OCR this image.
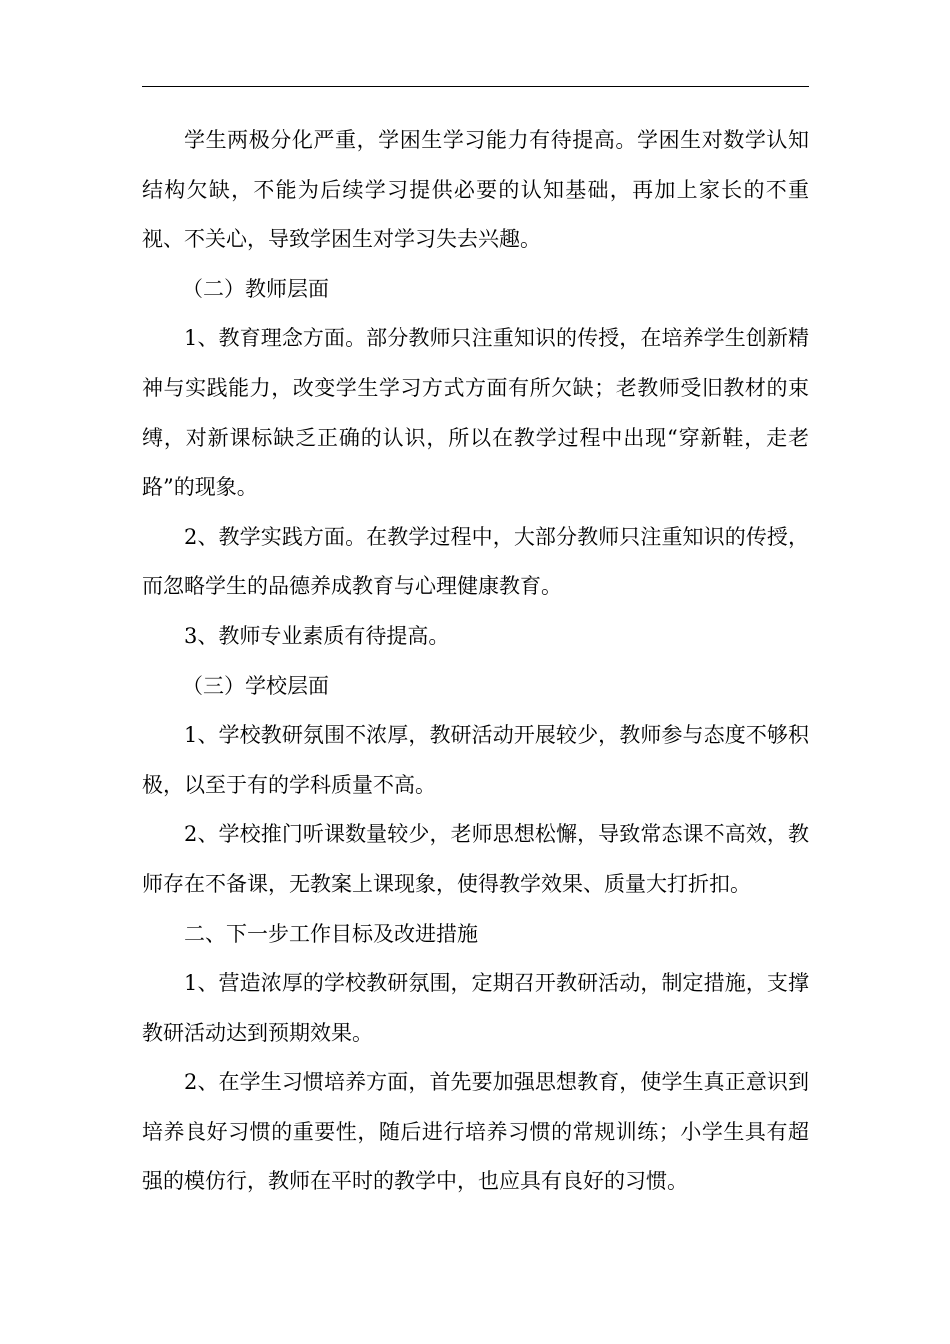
学生两极分化严重，学困生学习能力有待提高。学困生对数学认知结构欠缺，不能为后续学习提供必要的认知基础，再加上家长的不重视、不关心，导致学困生对学习失去兴趣。

（二）教师层面

1、教育理念方面。部分教师只注重知识的传授，在培养学生创新精神与实践能力，改变学生学习方式方面有所欠缺；老教师受旧教材的束缚，对新课标缺乏正确的认识，所以在教学过程中出现“穿新鞋，走老路”的现象。

2、教学实践方面。在教学过程中，大部分教师只注重知识的传授，而忽略学生的品德养成教育与心理健康教育。

3、教师专业素质有待提高。

（三）学校层面

1、学校教研氛围不浓厚，教研活动开展较少，教师参与态度不够积极，以至于有的学科质量不高。

2、学校推门听课数量较少，老师思想松懈，导致常态课不高效，教师存在不备课，无教案上课现象，使得教学效果、质量大打折扣。

二、下一步工作目标及改进措施

1、营造浓厚的学校教研氛围，定期召开教研活动，制定措施，支撑教研活动达到预期效果。

2、在学生习惯培养方面，首先要加强思想教育，使学生真正意识到培养良好习惯的重要性，随后进行培养习惯的常规训练；小学生具有超强的模仿行，教师在平时的教学中，也应具有良好的习惯。
